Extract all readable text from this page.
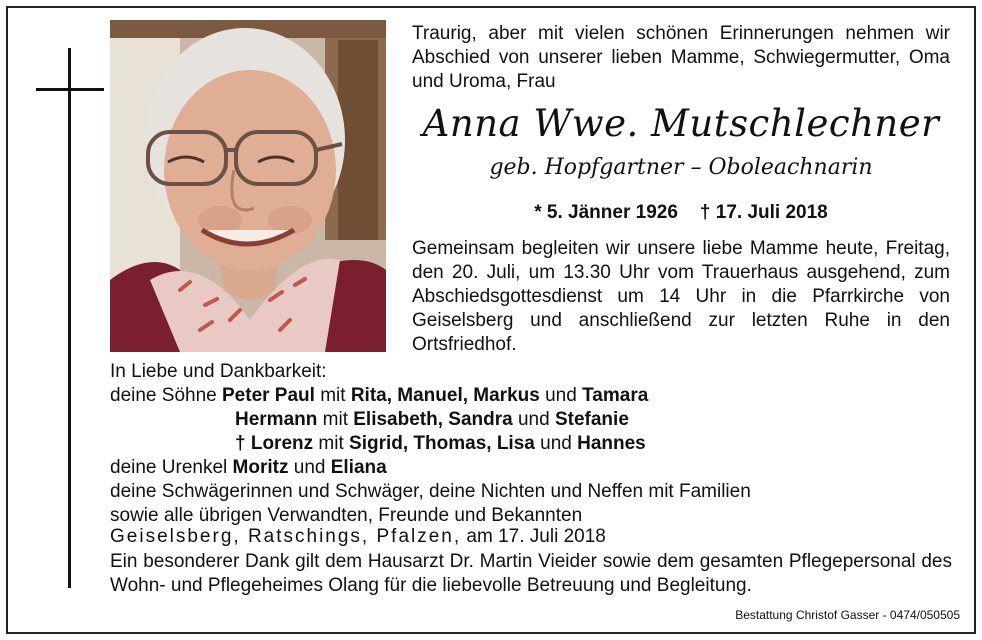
Traurig, aber mit vielen schönen Erinnerungen nehmen wir Abschied von unserer lieben Mamme, Schwiegermutter, Oma und Uroma, Frau
Anna Wwe. Mutschlechner
geb. Hopfgartner – Oboleachnarin
* 5. Jänner 1926 † 17. Juli 2018
Gemeinsam begleiten wir unsere liebe Mamme heute, Freitag, den 20. Juli, um 13.30 Uhr vom Trauerhaus ausgehend, zum Abschiedsgottesdienst um 14 Uhr in die Pfarrkirche von Geiselsberg und anschließend zur letzten Ruhe in den Ortsfriedhof.
In Liebe und Dankbarkeit:
deine Söhne Peter Paul mit Rita, Manuel, Markus und Tamara
Hermann mit Elisabeth, Sandra und Stefanie
† Lorenz mit Sigrid, Thomas, Lisa und Hannes
deine Urenkel Moritz und Eliana
deine Schwägerinnen und Schwäger, deine Nichten und Neffen mit Familien
sowie alle übrigen Verwandten, Freunde und Bekannten
Geiselsberg, Ratschings, Pfalzen, am 17. Juli 2018
Ein besonderer Dank gilt dem Hausarzt Dr. Martin Vieider sowie dem gesamten Pflegepersonal des Wohn- und Pflegeheimes Olang für die liebevolle Betreuung und Begleitung.
Bestattung Christof Gasser - 0474/050505
